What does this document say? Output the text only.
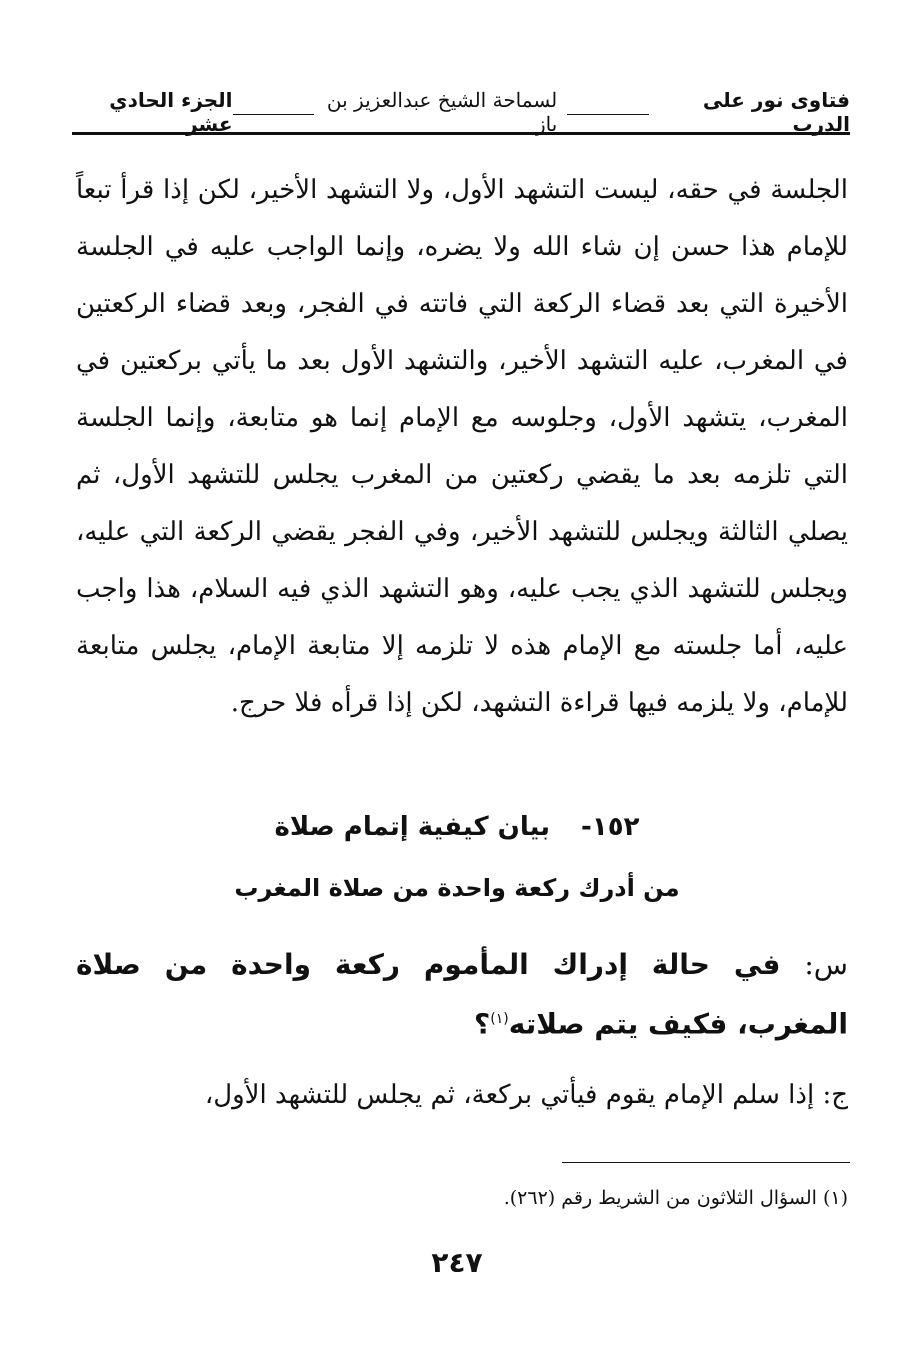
فتاوى نور على الدرب
لسماحة الشيخ عبدالعزيز بن باز
الجزء الحادي عشر

الجلسة في حقه، ليست التشهد الأول، ولا التشهد الأخير، لكن إذا قرأ تبعاً للإمام هذا حسن إن شاء الله ولا يضره، وإنما الواجب عليه في الجلسة الأخيرة التي بعد قضاء الركعة التي فاتته في الفجر، وبعد قضاء الركعتين في المغرب، عليه التشهد الأخير، والتشهد الأول بعد ما يأتي بركعتين في المغرب، يتشهد الأول، وجلوسه مع الإمام إنما هو متابعة، وإنما الجلسة التي تلزمه بعد ما يقضي ركعتين من المغرب يجلس للتشهد الأول، ثم يصلي الثالثة ويجلس للتشهد الأخير، وفي الفجر يقضي الركعة التي عليه، ويجلس للتشهد الذي يجب عليه، وهو التشهد الذي فيه السلام، هذا واجب عليه، أما جلسته مع الإمام هذه لا تلزمه إلا متابعة الإمام، يجلس متابعة للإمام، ولا يلزمه فيها قراءة التشهد، لكن إذا قرأه فلا حرج.

١٥٢- بيان كيفية إتمام صلاة
من أدرك ركعة واحدة من صلاة المغرب
س: في حالة إدراك المأموم ركعة واحدة من صلاة المغرب، فكيف يتم صلاته$^{(١)}$؟
ج: إذا سلم الإمام يقوم فيأتي بركعة، ثم يجلس للتشهد الأول،
(١) السؤال الثلاثون من الشريط رقم (٢٦٢).
٢٤٧
